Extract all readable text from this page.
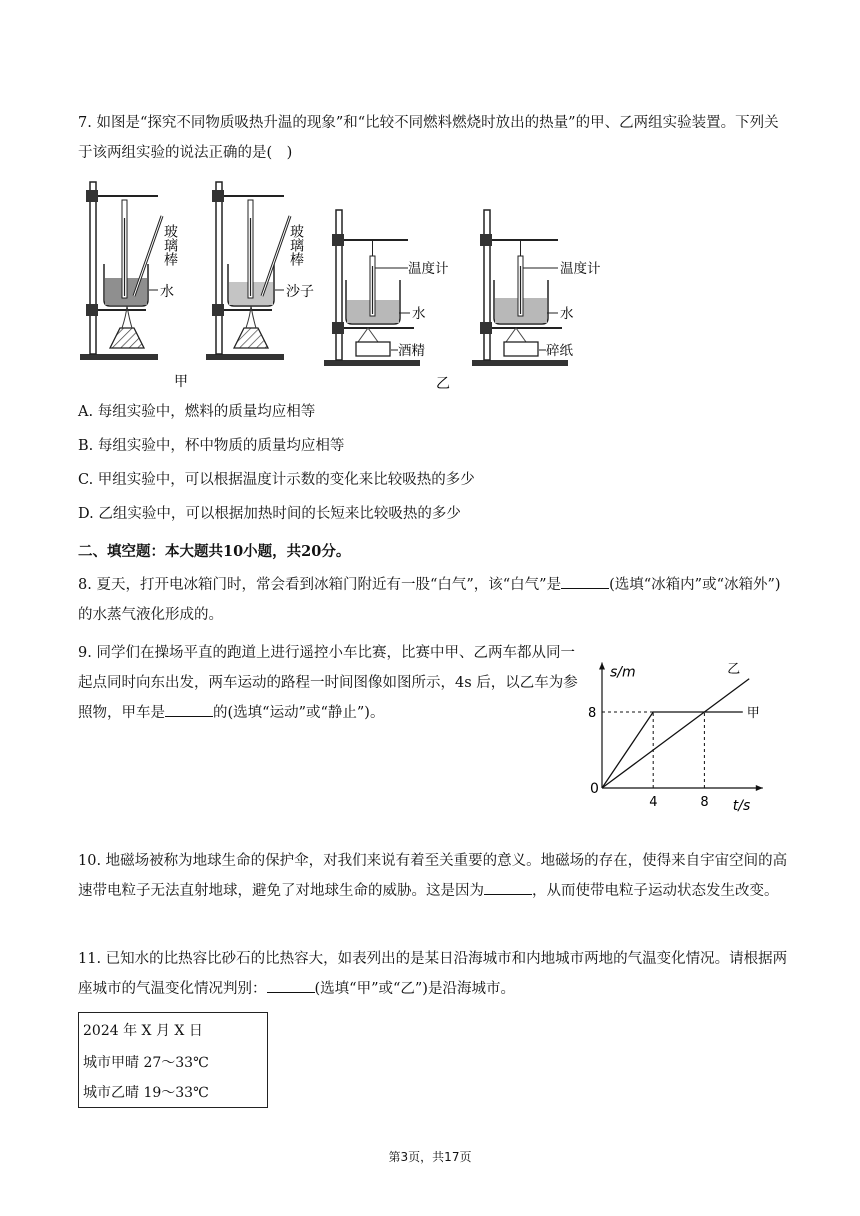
7. 如图是“探究不同物质吸热升温的现象”和“比较不同燃料燃烧时放出的热量”的甲、乙两组实验装置。下列关于该两组实验的说法正确的是(　)

玻璃棒
水
玻璃棒
沙子
温度计
水
酒精
温度计
水
碎纸
甲	乙

A. 每组实验中，燃料的质量均应相等

B. 每组实验中，杯中物质的质量均应相等

C. 甲组实验中，可以根据温度计示数的变化来比较吸热的多少

D. 乙组实验中，可以根据加热时间的长短来比较吸热的多少

二、填空题：本大题共10小题，共20分。

8. 夏天，打开电冰箱门时，常会看到冰箱门附近有一股“白气”，该“白气”是	(选填“冰箱内”或“冰箱外”)的水蒸气液化形成的。

9. 同学们在操场平直的跑道上进行遥控小车比赛，比赛中甲、乙两车都从同一起点同时向东出发，两车运动的路程一时间图像如图所示，4s 后，以乙车为参照物，甲车是	的(选填“运动”或“静止”)。

t/s
s/m
0
4	8
8	甲
乙

10. 地磁场被称为地球生命的保护伞，对我们来说有着至关重要的意义。地磁场的存在，使得来自宇宙空间的高速带电粒子无法直射地球，避免了对地球生命的威胁。这是因为	，从而使带电粒子运动状态发生改变。

11. 已知水的比热容比砂石的比热容大，如表列出的是某日沿海城市和内地城市两地的气温变化情况。请根据两座城市的气温变化情况判别：	(选填“甲”或“乙”)是沿海城市。

2024 年 X 月 X 日
城市甲晴 27～33℃
城市乙晴 19～33℃
第3页，共17页
